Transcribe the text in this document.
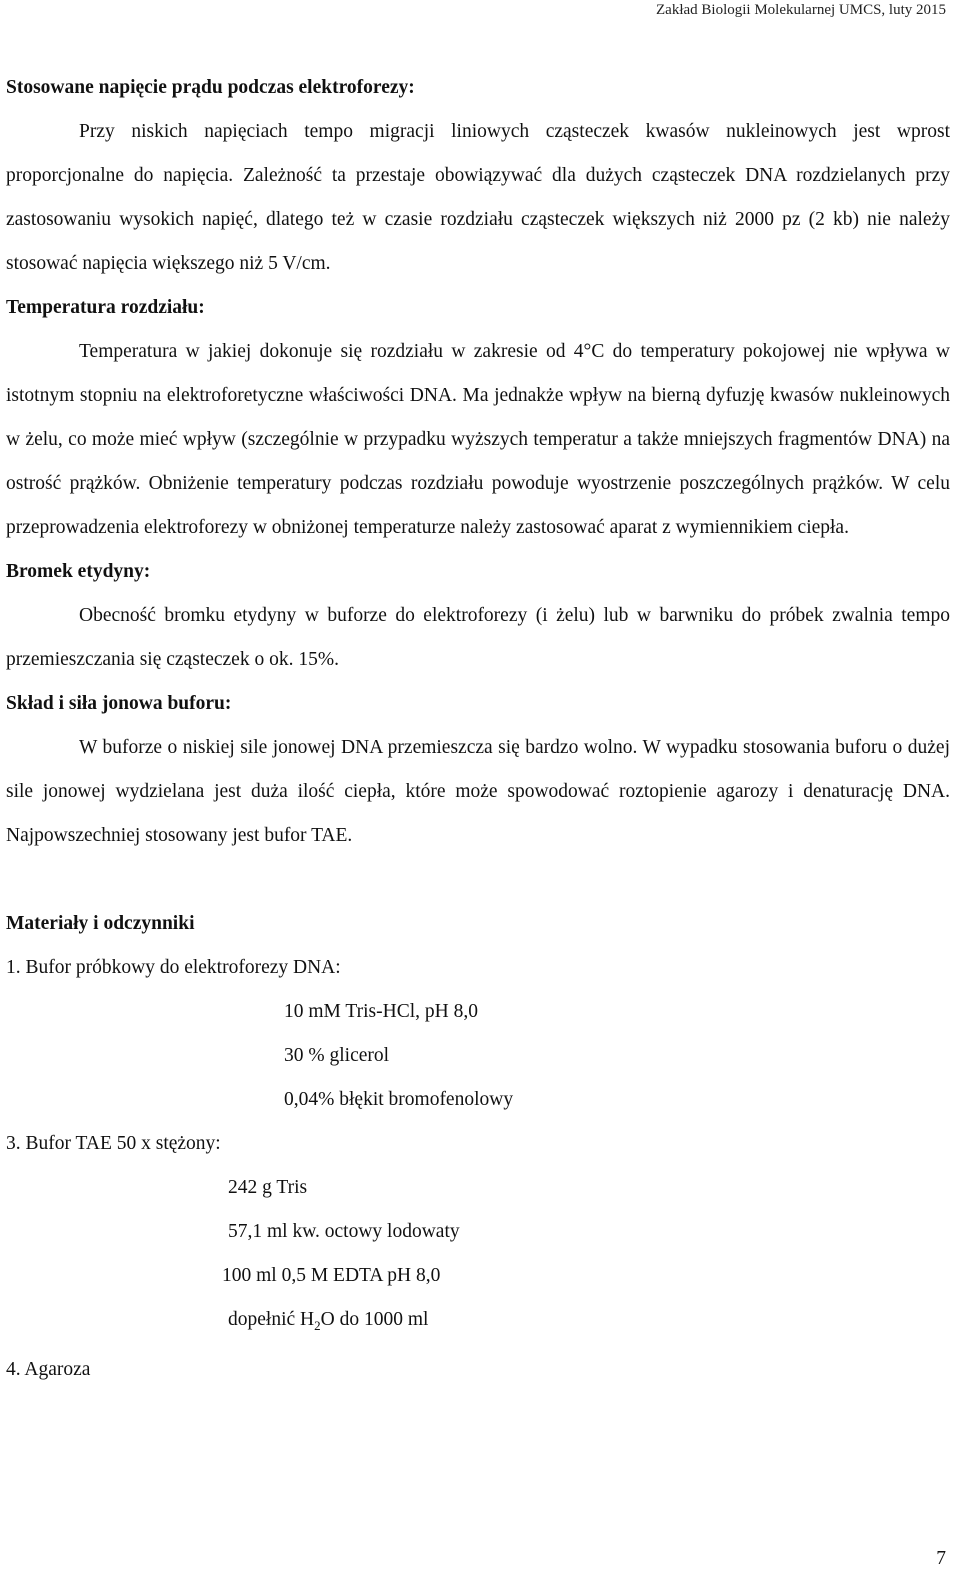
Zakład Biologii Molekularnej UMCS, luty 2015

Stosowane napięcie prądu podczas elektroforezy:

Przy niskich napięciach tempo migracji liniowych cząsteczek kwasów nukleinowych jest wprost proporcjonalne do napięcia. Zależność ta przestaje obowiązywać dla dużych cząsteczek DNA rozdzielanych przy zastosowaniu wysokich napięć, dlatego też w czasie rozdziału cząsteczek większych niż 2000 pz (2 kb) nie należy stosować napięcia większego niż 5 V/cm.

Temperatura rozdziału:

Temperatura w jakiej dokonuje się rozdziału w zakresie od 4°C do temperatury pokojowej nie wpływa w istotnym stopniu na elektroforetyczne właściwości DNA. Ma jednakże wpływ na bierną dyfuzję kwasów nukleinowych w żelu, co może mieć wpływ (szczególnie w przypadku wyższych temperatur a także mniejszych fragmentów DNA) na ostrość prążków. Obniżenie temperatury podczas rozdziału powoduje wyostrzenie poszczególnych prążków. W celu przeprowadzenia elektroforezy w obniżonej temperaturze należy zastosować aparat z wymiennikiem ciepła.

Bromek etydyny:

Obecność bromku etydyny w buforze do elektroforezy (i żelu) lub w barwniku do próbek zwalnia tempo przemieszczania się cząsteczek o ok. 15%.

Skład i siła jonowa buforu:

W buforze o niskiej sile jonowej DNA przemieszcza się bardzo wolno. W wypadku stosowania buforu o dużej sile jonowej wydzielana jest duża ilość ciepła, które może spowodować roztopienie agarozy i denaturację DNA. Najpowszechniej stosowany jest bufor TAE.

Materiały i odczynniki

1. Bufor próbkowy do elektroforezy DNA:

10 mM Tris-HCl, pH 8,0

30 % glicerol

0,04% błękit bromofenolowy

3. Bufor TAE 50 x stężony:

242 g Tris

57,1 ml kw. octowy lodowaty

100 ml 0,5 M EDTA pH 8,0

dopełnić $H_2O$ do 1000 ml

4. Agaroza

7
